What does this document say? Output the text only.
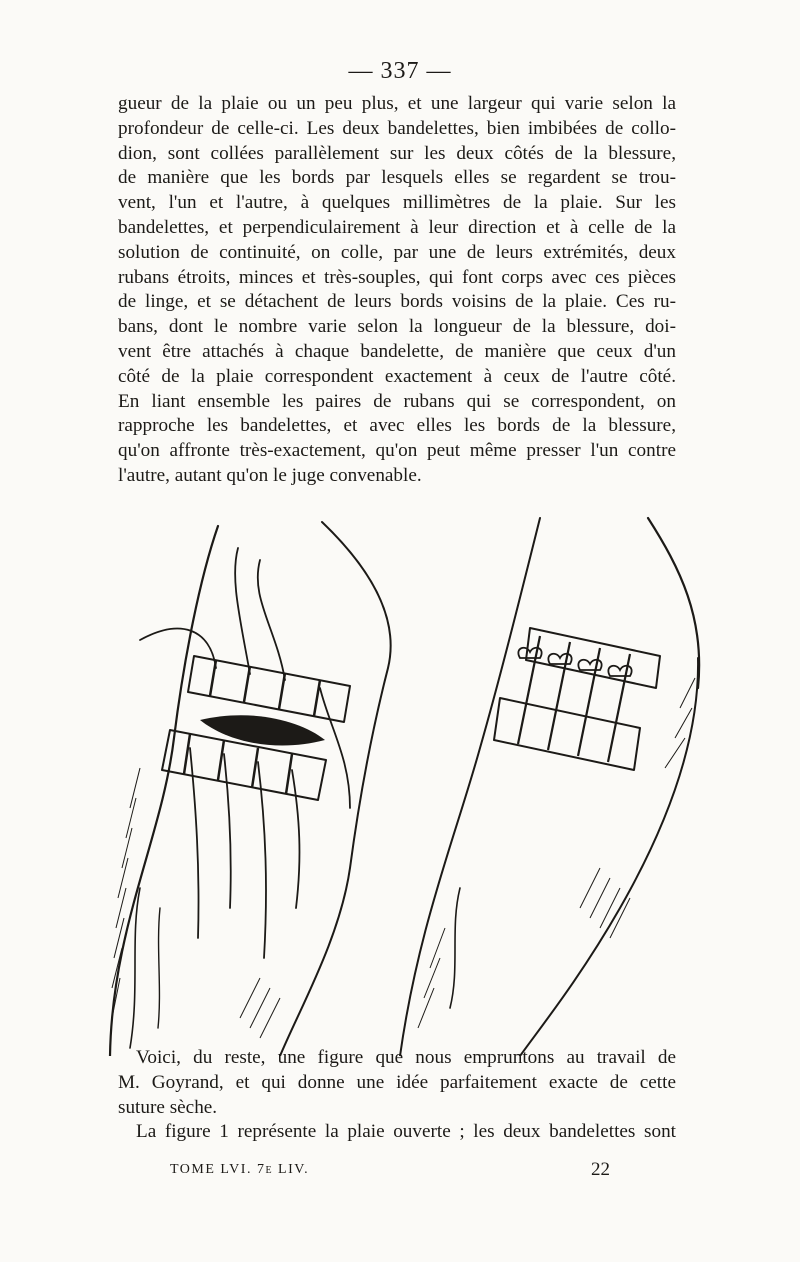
— 337 —
gueur de la plaie ou un peu plus, et une largeur qui varie selon la
profondeur de celle-ci. Les deux bandelettes, bien imbibées de collo-
dion, sont collées parallèlement sur les deux côtés de la blessure,
de manière que les bords par lesquels elles se regardent se trou-
vent, l'un et l'autre, à quelques millimètres de la plaie. Sur les
bandelettes, et perpendiculairement à leur direction et à celle de la
solution de continuité, on colle, par une de leurs extrémités, deux
rubans étroits, minces et très-souples, qui font corps avec ces pièces
de linge, et se détachent de leurs bords voisins de la plaie. Ces ru-
bans, dont le nombre varie selon la longueur de la blessure, doi-
vent être attachés à chaque bandelette, de manière que ceux d'un
côté de la plaie correspondent exactement à ceux de l'autre côté.
En liant ensemble les paires de rubans qui se correspondent, on
rapproche les bandelettes, et avec elles les bords de la blessure,
qu'on affronte très-exactement, qu'on peut même presser l'un contre
l'autre, autant qu'on le juge convenable.
Voici, du reste, une figure que nous empruntons au travail de
M. Goyrand, et qui donne une idée parfaitement exacte de cette
suture sèche.
La figure 1 représente la plaie ouverte ; les deux bandelettes sont
TOME LVI. 7e LIV.	22
